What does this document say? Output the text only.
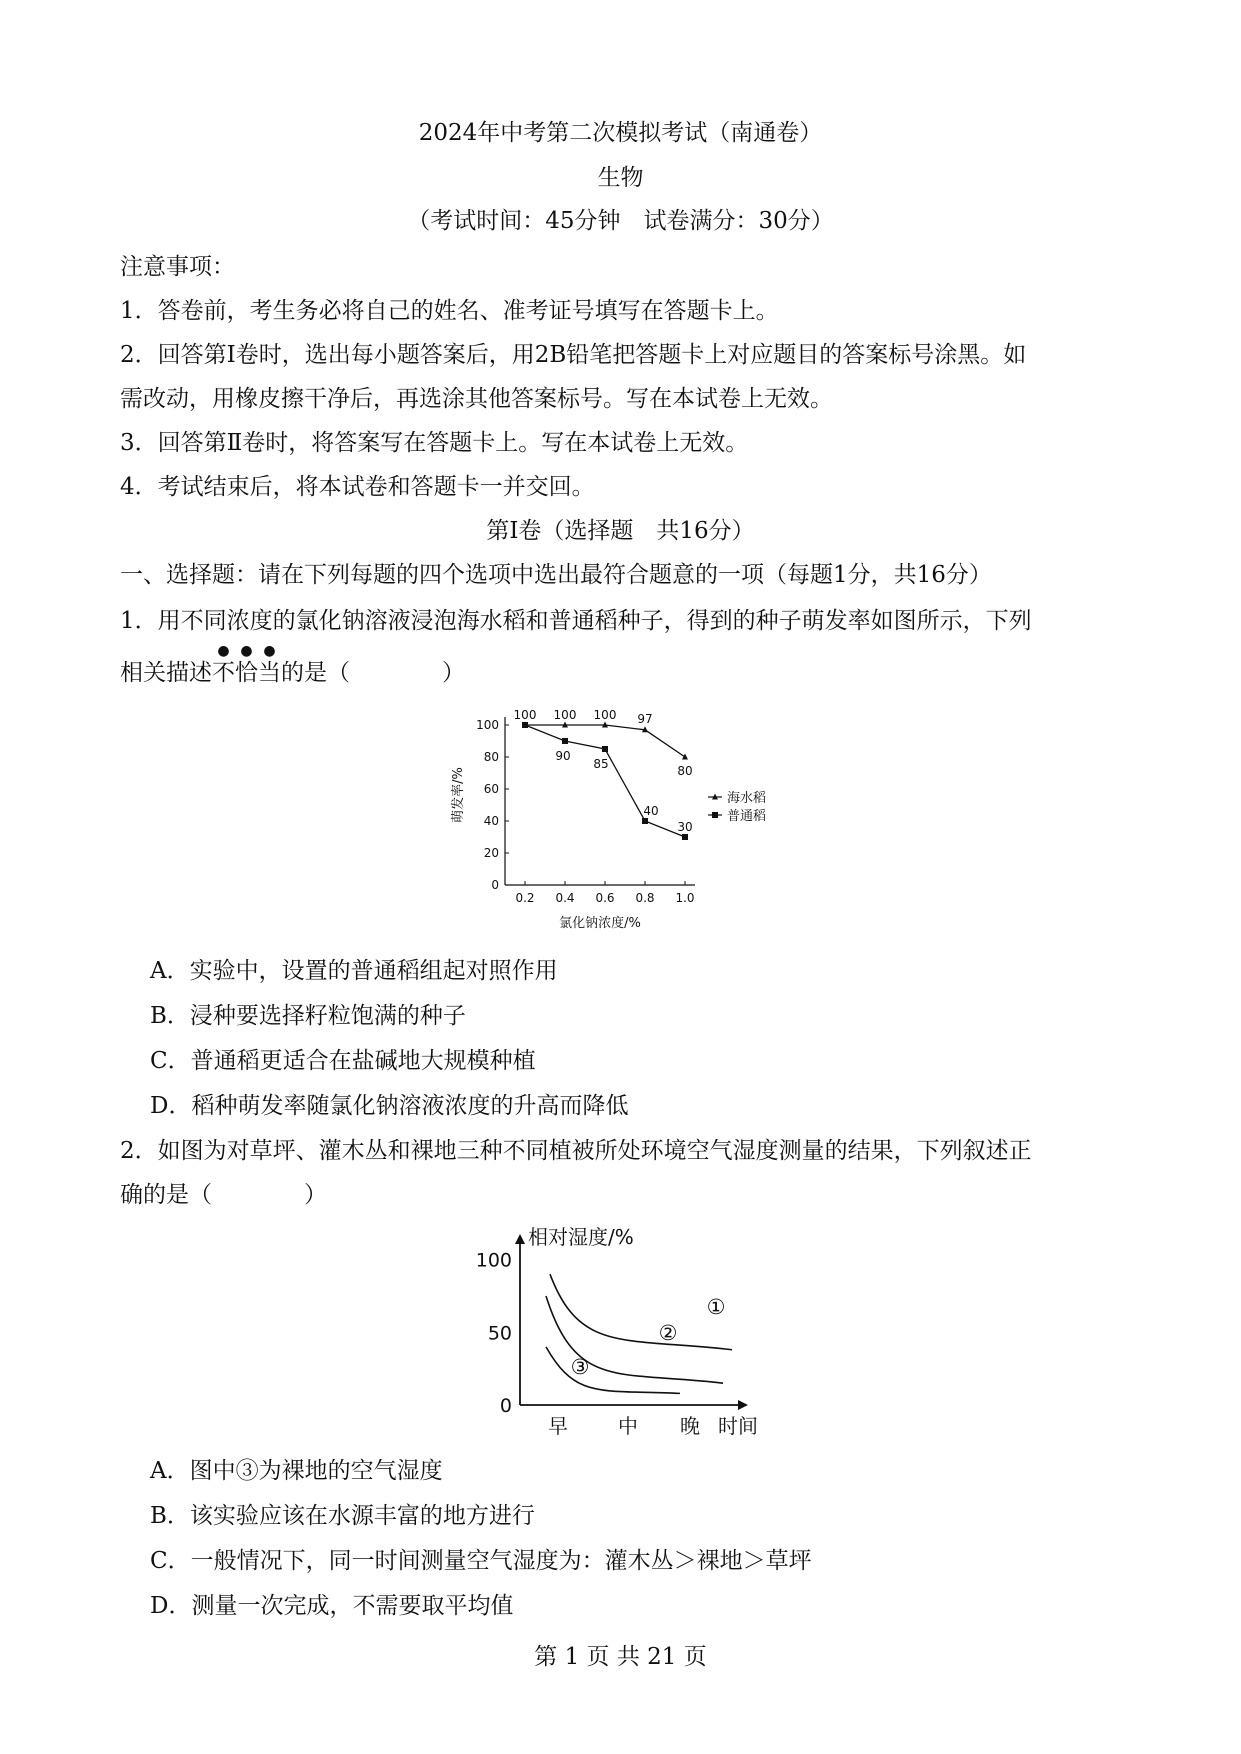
2024年中考第二次模拟考试（南通卷）
生物
（考试时间：45分钟　试卷满分：30分）
注意事项：
1．答卷前，考生务必将自己的姓名、准考证号填写在答题卡上。
2．回答第Ⅰ卷时，选出每小题答案后，用2B铅笔把答题卡上对应题目的答案标号涂黑。如
需改动，用橡皮擦干净后，再选涂其他答案标号。写在本试卷上无效。
3．回答第Ⅱ卷时，将答案写在答题卡上。写在本试卷上无效。
4．考试结束后，将本试卷和答题卡一并交回。
第Ⅰ卷（选择题　共16分）
一、选择题：请在下列每题的四个选项中选出最符合题意的一项（每题1分，共16分）
1．用不同浓度的氯化钠溶液浸泡海水稻和普通稻种子，得到的种子萌发率如图所示，下列
相关描述
●
不
●
恰
●
当的是（　　　　）
0
20
40
60
80
100
0.2 0.4 0.6 0.8 1.0
100 100 100 97
80
90
85
40
30
海水稻
普通稻
氯化钠浓度/%
萌发率/%
A．实验中，设置的普通稻组起对照作用
B．浸种要选择籽粒饱满的种子
C．普通稻更适合在盐碱地大规模种植
D．稻种萌发率随氯化钠溶液浓度的升高而降低
2．如图为对草坪、灌木丛和裸地三种不同植被所处环境空气湿度测量的结果，下列叙述正
确的是（　　　　）
0
50
100
早	中 晚
①
②
③
相对湿度/%
时间
A．图中③为裸地的空气湿度
B．该实验应该在水源丰富的地方进行
C．一般情况下，同一时间测量空气湿度为：灌木丛＞裸地＞草坪
D．测量一次完成，不需要取平均值
第 1 页 共 21 页
